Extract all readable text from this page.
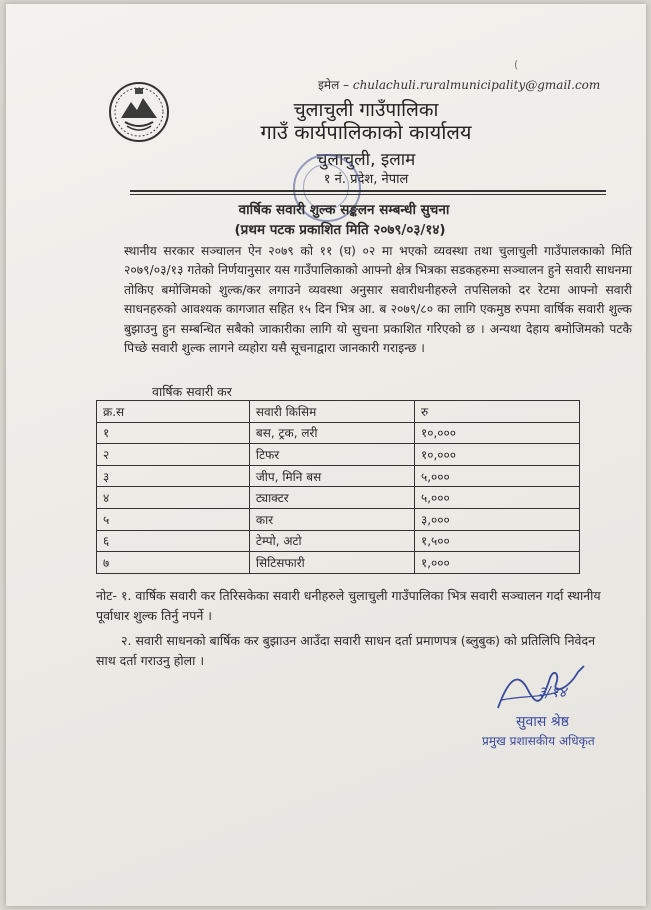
(
इमेल – chulachuli.ruralmunicipality@gmail.com
चुलाचुली गाउँपालिका
गाउँ कार्यपालिकाको कार्यालय
चुलाचुली, इलाम
१ नं. प्रदेश, नेपाल
वार्षिक सवारी शुल्क सङ्कलन सम्बन्धी सुचना
(प्रथम पटक प्रकाशित मिति २०७९/०३/१४)
स्थानीय सरकार सञ्चालन ऐन २०७९ को ११ (घ) ०२ मा भएको व्यवस्था तथा चुलाचुली गाउँपालकाको मिति २०७९/०३/१३ गतेको निर्णयानुसार यस गाउँपालिकाको आफ्नो क्षेत्र भित्रका सडकहरुमा सञ्चालन हुने सवारी साधनमा तोकिए बमोजिमको शुल्क/कर लगाउने व्यवस्था अनुसार सवारीधनीहरुले तपसिलको दर रेटमा आफ्नो सवारी साधनहरुको आवश्यक कागजात सहित १५ दिन भित्र आ. ब २०७९/८० का लागि एकमुष्ठ रुपमा वार्षिक सवारी शुल्क बुझाउनु हुन सम्बन्धित सबैको जाकारीका लागि यो सुचना प्रकाशित गरिएको छ । अन्यथा देहाय बमोजिमको पटकै पिच्छे सवारी शुल्क लागने व्यहोरा यसै सूचनाद्वारा जानकारी गराइन्छ ।
वार्षिक सवारी कर
क्र.स	सवारी किसिम	रु
१	बस, ट्रक, लरी	१०,०००
२	टिफर	१०,०००
३	जीप, मिनि बस	५,०००
४	ट्याक्टर	५,०००
५	कार	३,०००
६	टेम्पो, अटो	१,५००
७	सिटिसफारी	१,०००

नोट- १. वार्षिक सवारी कर तिरिसकेका सवारी धनीहरुले चुलाचुली गाउँपालिका भित्र सवारी सञ्चालन गर्दा स्थानीय पूर्वाधार शुल्क तिर्नु नपर्ने ।

२. सवारी साधनको बार्षिक कर बुझाउन आउँदा सवारी साधन दर्ता प्रमाणपत्र (ब्लुबुक) को प्रतिलिपि निवेदन साथ दर्ता गराउनु होला ।

३/१४
सुवास श्रेष्ठ
प्रमुख प्रशासकीय अधिकृत
